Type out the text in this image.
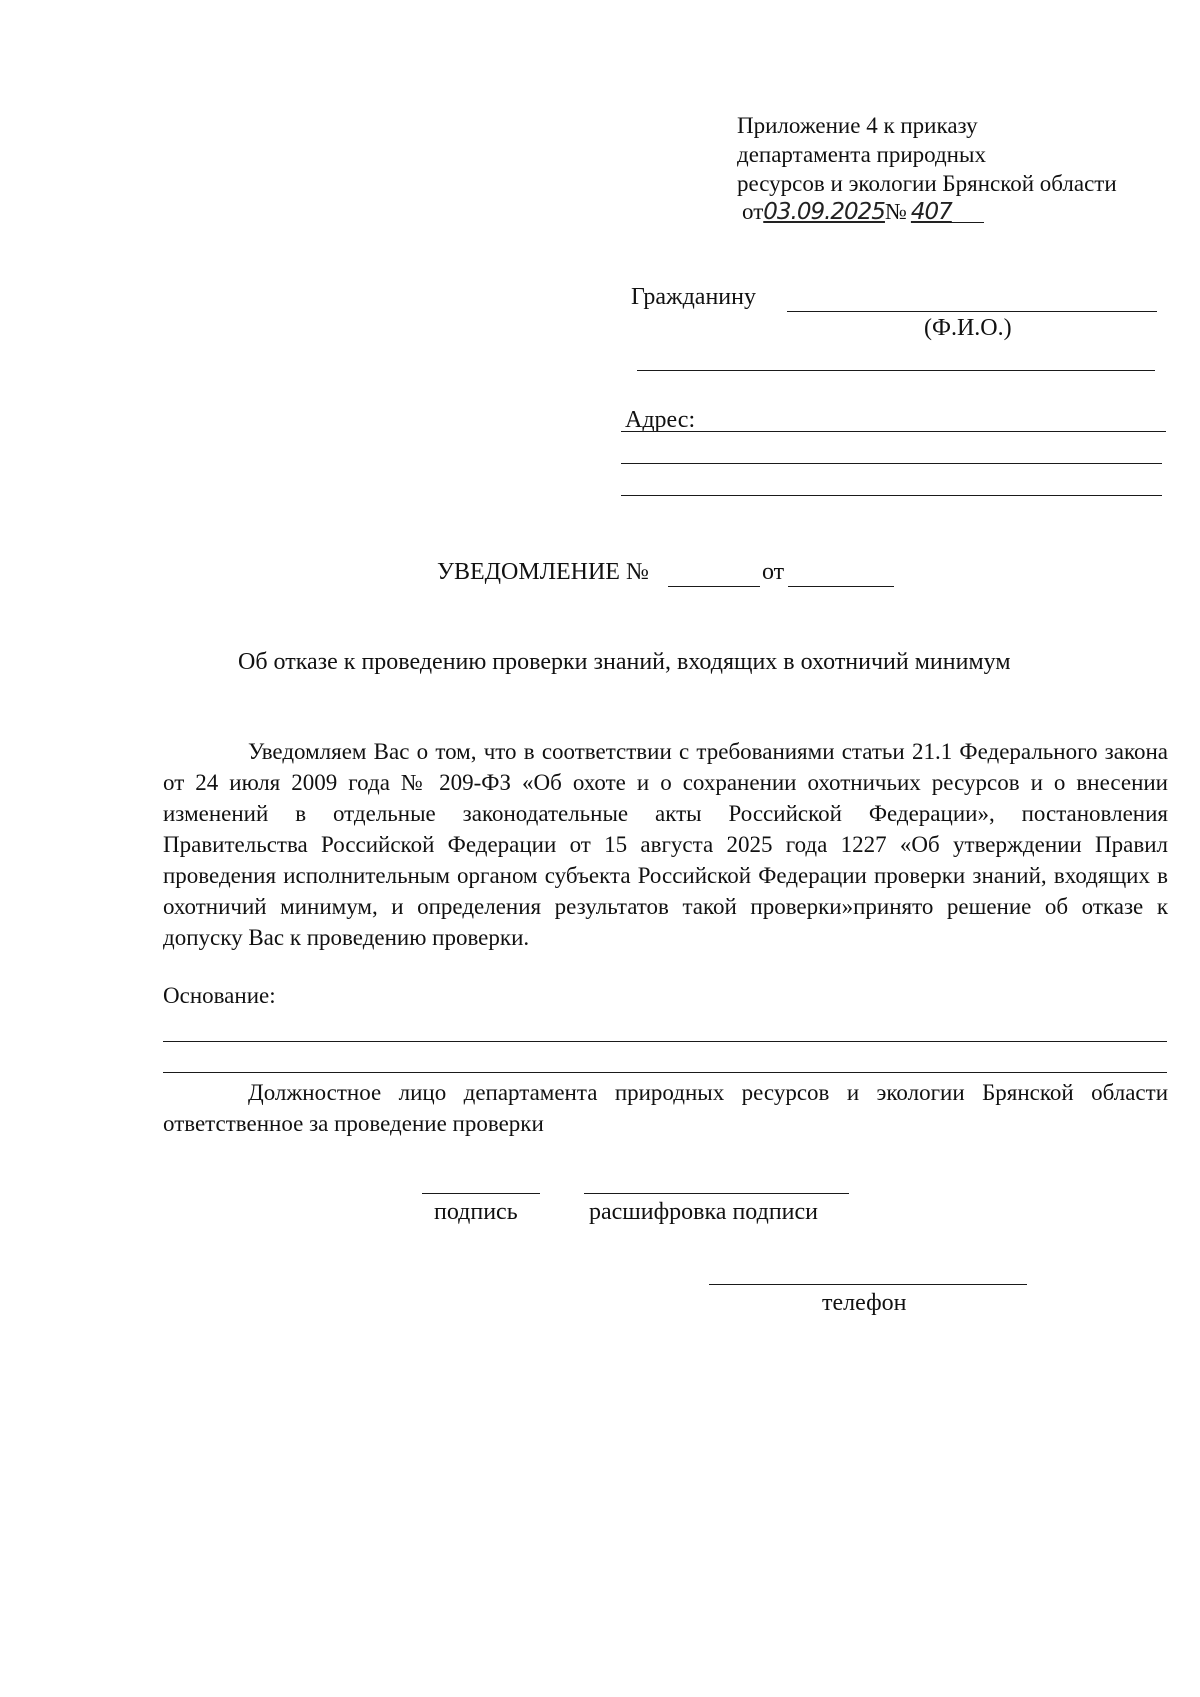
Приложение 4 к приказу
департамента природных
ресурсов и экологии Брянской области
от03.09.2025№ 407
Гражданину
(Ф.И.О.)
Адрес:
УВЕДОМЛЕНИЕ №	от
Об отказе к проведению проверки знаний, входящих в охотничий минимум
Уведомляем Вас о том, что в соответствии с требованиями статьи 21.1 Федерального закона от 24 июля 2009 года № 209-ФЗ «Об охоте и о сохранении охотничьих ресурсов и о внесении изменений в отдельные законодательные акты Российской Федерации», постановления Правительства Российской Федерации от 15 августа 2025 года 1227 «Об утверждении Правил проведения исполнительным органом субъекта Российской Федерации проверки знаний, входящих в охотничий минимум, и определения результатов такой проверки»принято решение об отказе к допуску Вас к проведению проверки.
Основание:
Должностное лицо департамента природных ресурсов и экологии Брянской области ответственное за проведение проверки
подпись	расшифровка подписи
телефон
